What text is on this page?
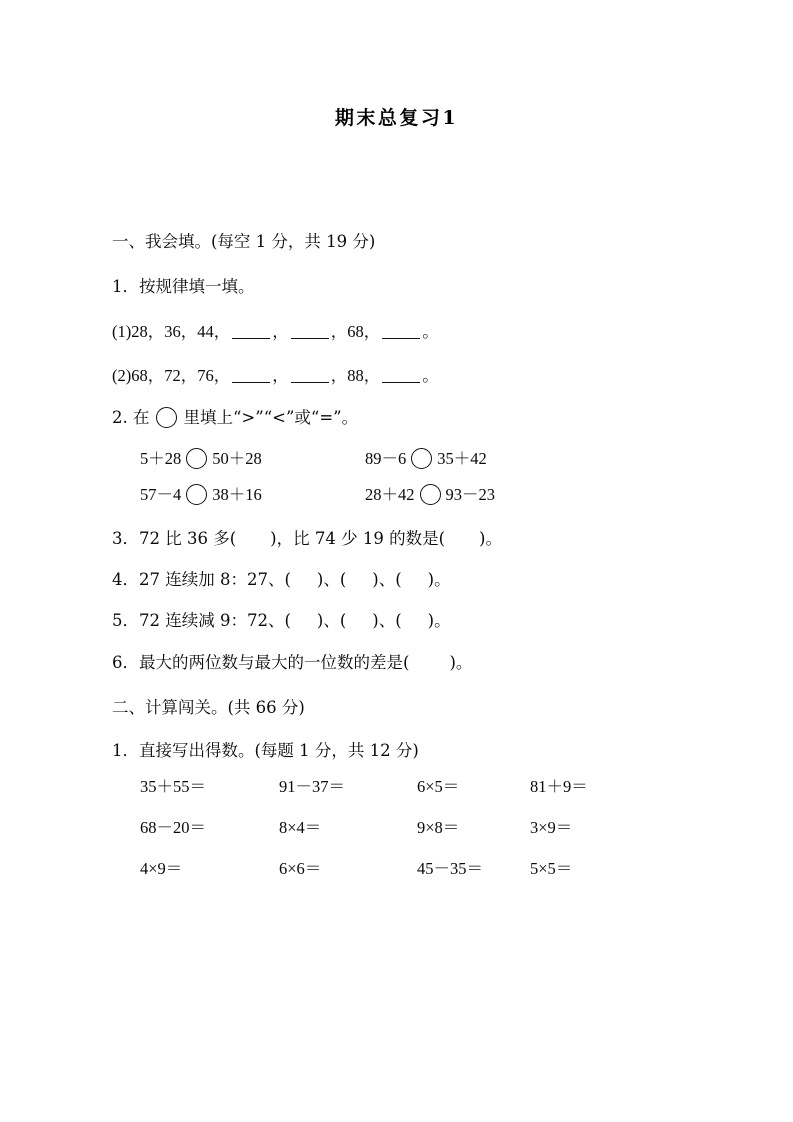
期末总复习1
一、我会填。(每空 1 分，共 19 分)
1．按规律填一填。
(1)28，36，44，	，	，68，	。
(2)68，72，76，	，	，88，	。
2. 在 里填上“>”“<”或“=”。
5＋28 50＋28	89－6 35＋42
57－4 38＋16	28＋42 93－23
3．72 比 36 多( )，比 74 少 19 的数是( )。
4．27 连续加 8：27、( )、( )、( )。
5．72 连续减 9：72、( )、( )、( )。
6．最大的两位数与最大的一位数的差是( )。
二、计算闯关。(共 66 分)
1．直接写出得数。(每题 1 分，共 12 分)
35＋55＝	91－37＝	6×5＝	81＋9＝
68－20＝	8×4＝	9×8＝	3×9＝
4×9＝	6×6＝	45－35＝	5×5＝
